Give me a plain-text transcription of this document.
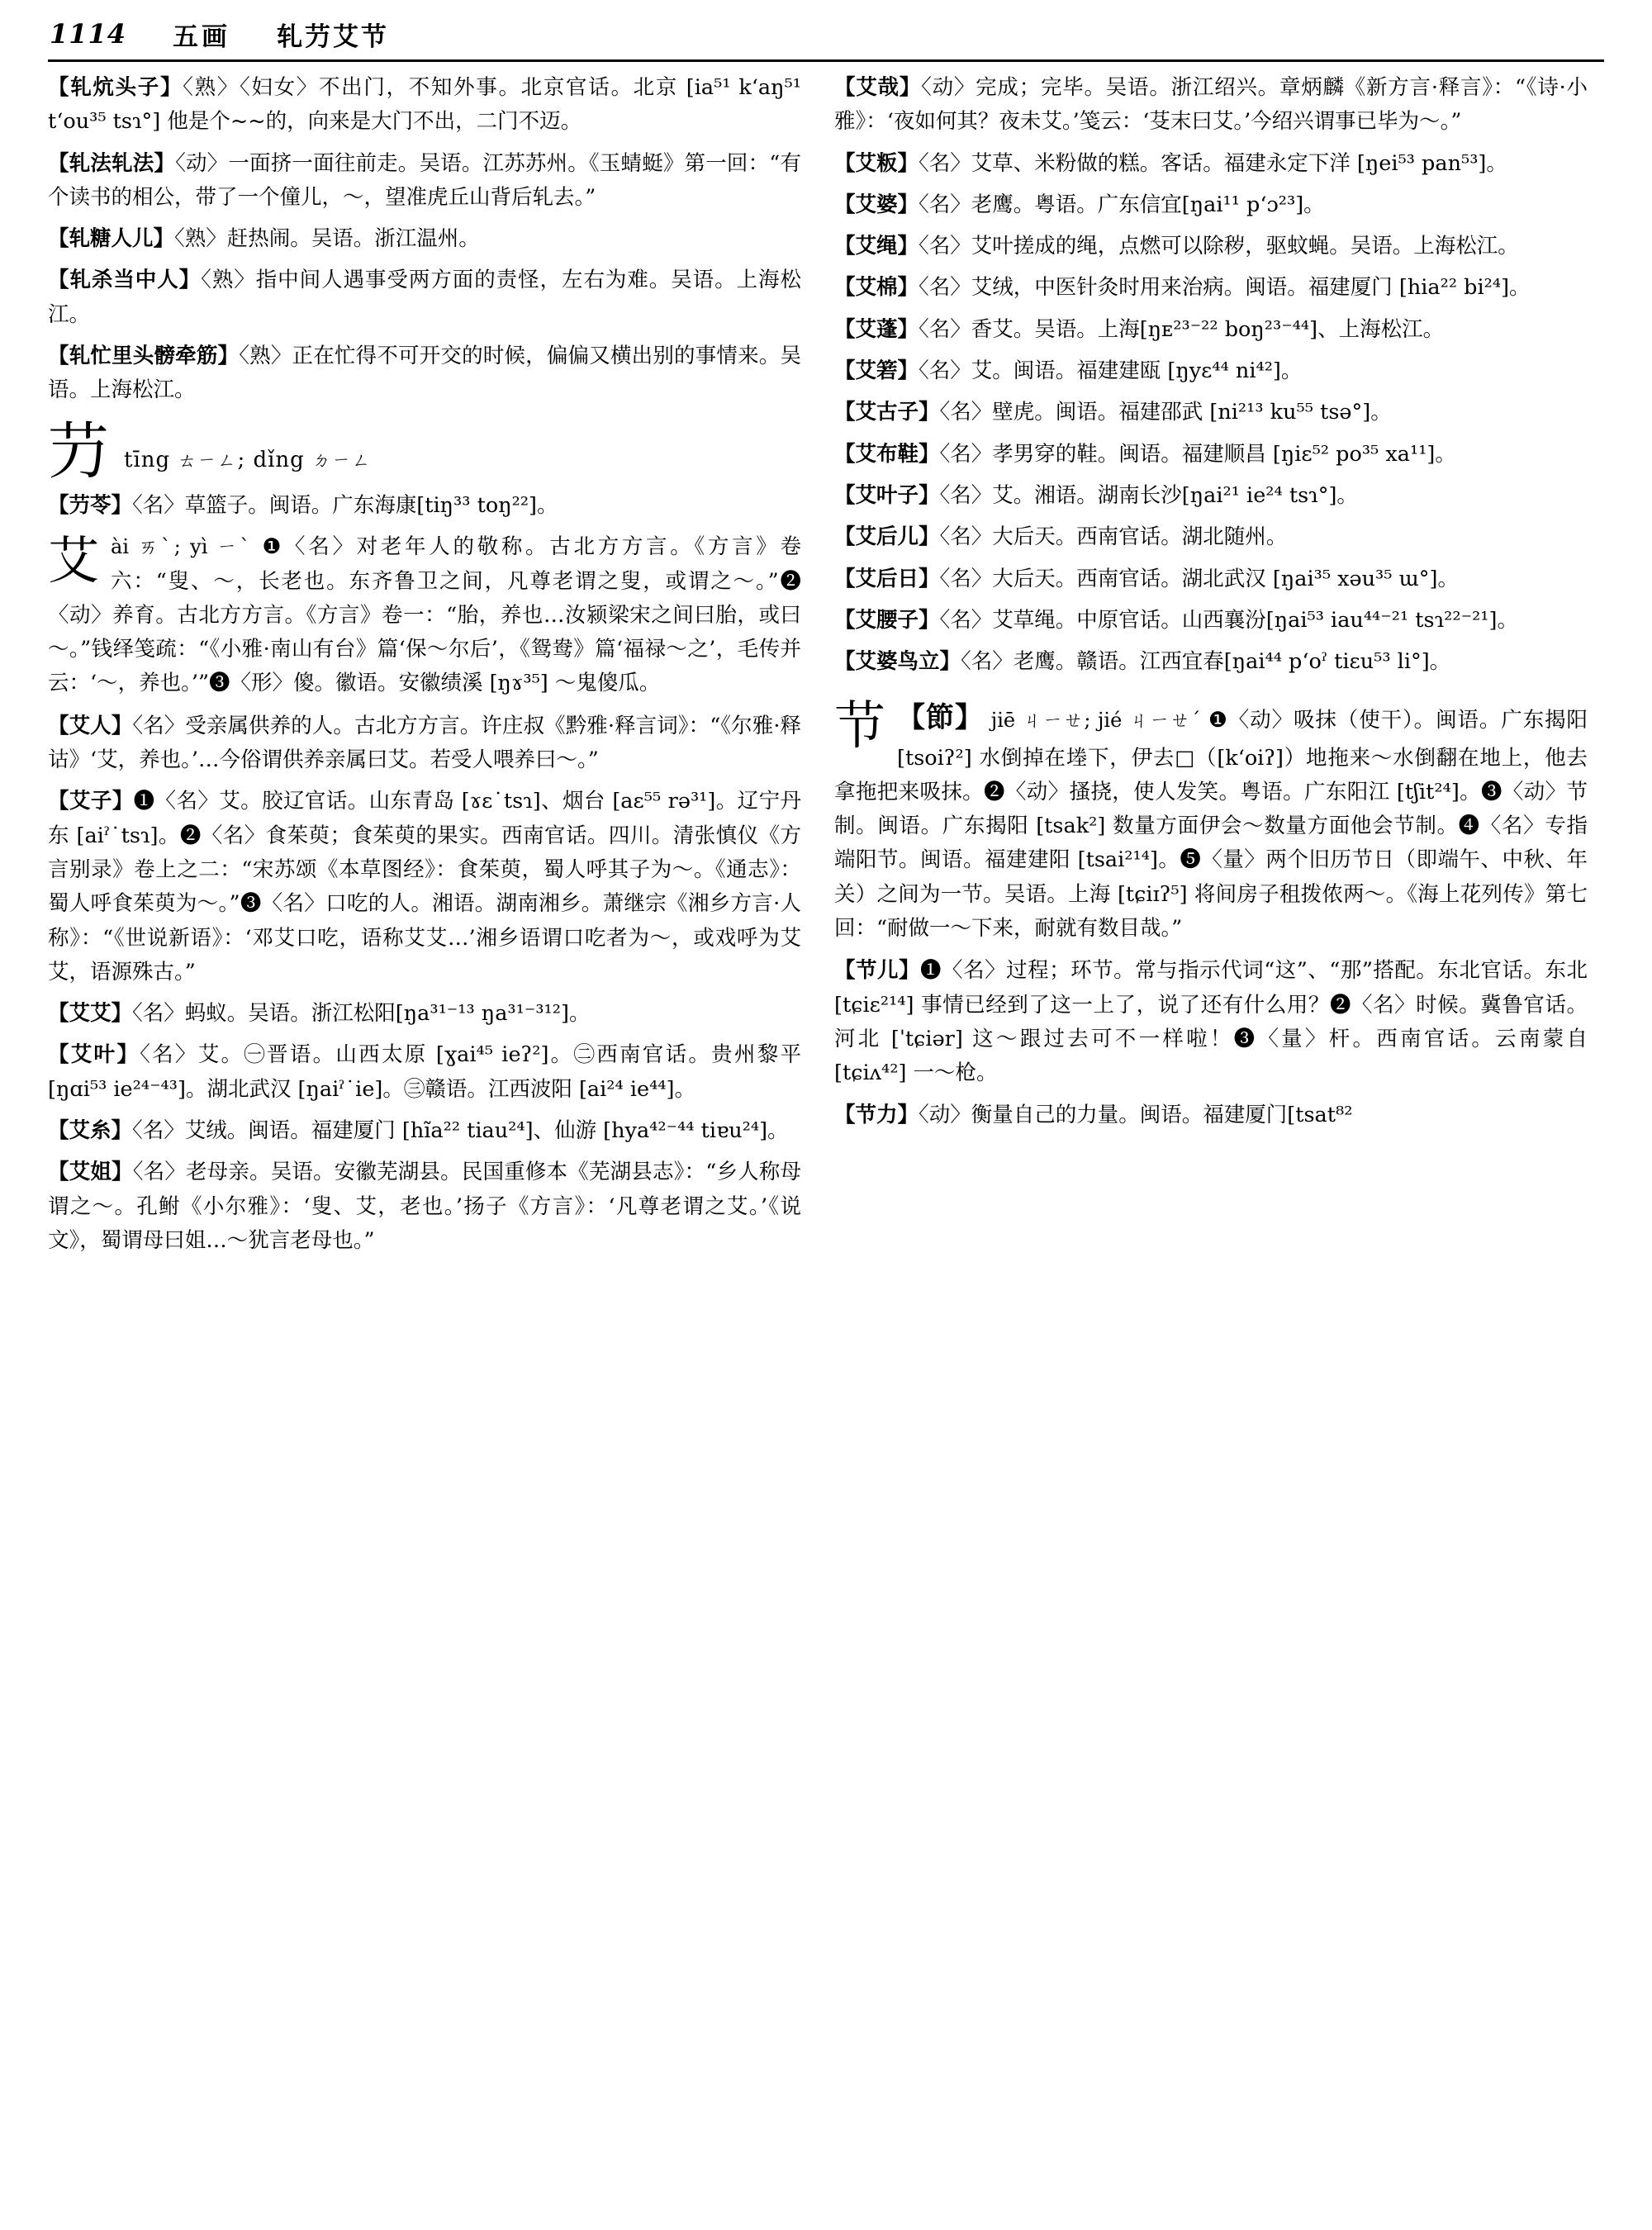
1114 五画 轧芀艾节
【轧炕头子】〈熟〉〈妇女〉不出门，不知外事。北京官话。北京 [ia⁵¹ kʻaŋ⁵¹ tʻou³⁵ tsɿ°] 他是个~~的，向来是大门不出，二门不迈。
【轧法轧法】〈动〉一面挤一面往前走。吴语。江苏苏州。《玉蜻蜓》第一回：“有个读书的相公，带了一个僮儿，～，望准虎丘山背后轧去。”
【轧糖人儿】〈熟〉赶热闹。吴语。浙江温州。
【轧杀当中人】〈熟〉指中间人遇事受两方面的责怪，左右为难。吴语。上海松江。
【轧忙里头髈牵筋】〈熟〉正在忙得不可开交的时候，偏偏又横出别的事情来。吴语。上海松江。
芀 tīng ㄊㄧㄥ; dǐng ㄉㄧㄥ
【芀苓】〈名〉草篮子。闽语。广东海康[tiŋ³³ toŋ²²]。
艾 ài ㄞˋ; yì ㄧˋ ❶〈名〉对老年人的敬称。古北方方言。《方言》卷六：“叟、～，长老也。东齐鲁卫之间，凡尊老谓之叟，或谓之～。”❷〈动〉养育。古北方方言。《方言》卷一：“胎，养也…汝颍梁宋之间曰胎，或曰～。”钱绎笺疏：“《小雅·南山有台》篇‘保～尔后’，《鸳鸯》篇‘福禄～之’，毛传并云：‘～，养也。’”❸〈形〉傻。徽语。安徽绩溪 [ŋɤ³⁵] ～鬼傻瓜。
【艾人】〈名〉受亲属供养的人。古北方方言。许庄叔《黔雅·释言词》：“《尔雅·释诂》‘艾，养也。’…今俗谓供养亲属曰艾。若受人喂养曰～。”
【艾子】❶〈名〉艾。胶辽官话。山东青岛 [ɤɛ˙tsɿ]、烟台 [aɛ⁵⁵ rə³¹]。辽宁丹东 [aiˀ˙tsɿ]。❷〈名〉食茱萸；食茱萸的果实。西南官话。四川。清张慎仪《方言别录》卷上之二：“宋苏颂《本草图经》：食茱萸，蜀人呼其子为～。《通志》：蜀人呼食茱萸为～。”❸〈名〉口吃的人。湘语。湖南湘乡。萧继宗《湘乡方言·人称》：“《世说新语》：‘邓艾口吃，语称艾艾…’湘乡语谓口吃者为～，或戏呼为艾艾，语源殊古。”
【艾艾】〈名〉蚂蚁。吴语。浙江松阳[ŋa³¹⁻¹³ ŋa³¹⁻³¹²]。
【艾叶】〈名〉艾。㊀晋语。山西太原 [ɣai⁴⁵ ieʔ²]。㊁西南官话。贵州黎平[ŋɑi⁵³ ie²⁴⁻⁴³]。湖北武汉 [ŋaiˀ˙ie]。㊂赣语。江西波阳 [ai²⁴ ie⁴⁴]。
【艾糸】〈名〉艾绒。闽语。福建厦门 [hĩa²² tiau²⁴]、仙游 [hya⁴²⁻⁴⁴ tiɐu²⁴]。
【艾姐】〈名〉老母亲。吴语。安徽芜湖县。民国重修本《芜湖县志》：“乡人称母谓之～。孔鲋《小尔雅》：‘叟、艾，老也。’扬子《方言》：‘凡尊老谓之艾。’《说文》，蜀谓母曰姐…～犹言老母也。”
【艾哉】〈动〉完成；完毕。吴语。浙江绍兴。章炳麟《新方言·释言》：“《诗·小雅》：‘夜如何其？夜未艾。’笺云：‘芟末曰艾。’今绍兴谓事已毕为～。”
【艾粄】〈名〉艾草、米粉做的糕。客话。福建永定下洋 [ŋei⁵³ pan⁵³]。
【艾婆】〈名〉老鹰。粤语。广东信宜[ŋai¹¹ pʻɔ²³]。
【艾绳】〈名〉艾叶搓成的绳，点燃可以除秽，驱蚊蝇。吴语。上海松江。
【艾棉】〈名〉艾绒，中医针灸时用来治病。闽语。福建厦门 [hia²² bi²⁴]。
【艾蓬】〈名〉香艾。吴语。上海[ŋᴇ²³⁻²² boŋ²³⁻⁴⁴]、上海松江。
【艾箬】〈名〉艾。闽语。福建建瓯 [ŋyɛ⁴⁴ ni⁴²]。
【艾古子】〈名〉壁虎。闽语。福建邵武 [ni²¹³ ku⁵⁵ tsə°]。
【艾布鞋】〈名〉孝男穿的鞋。闽语。福建顺昌 [ŋiɛ⁵² po³⁵ xa¹¹]。
【艾叶子】〈名〉艾。湘语。湖南长沙[ŋai²¹ ie²⁴ tsɿ°]。
【艾后儿】〈名〉大后天。西南官话。湖北随州。
【艾后日】〈名〉大后天。西南官话。湖北武汉 [ŋai³⁵ xəu³⁵ ɯ°]。
【艾腰子】〈名〉艾草绳。中原官话。山西襄汾[ŋai⁵³ iau⁴⁴⁻²¹ tsɿ²²⁻²¹]。
【艾婆鸟立】〈名〉老鹰。赣语。江西宜春[ŋai⁴⁴ pʻoˀ tiɛu⁵³ li°]。
节 【節】 jiē ㄐㄧㄝ; jié ㄐㄧㄝˊ ❶〈动〉吸抹（使干）。闽语。广东揭阳 [tsoiʔ²] 水倒掉在堘下，伊去□（[kʻoiʔ]）地拖来～水倒翻在地上，他去拿拖把来吸抹。❷〈动〉搔挠，使人发笑。粤语。广东阳江 [tʃit²⁴]。❸〈动〉节制。闽语。广东揭阳 [tsak²] 数量方面伊会～数量方面他会节制。❹〈名〉专指端阳节。闽语。福建建阳 [tsai²¹⁴]。❺〈量〉两个旧历节日（即端午、中秋、年关）之间为一节。吴语。上海 [tɕiɪʔ⁵] 将间房子租拨侬两～。《海上花列传》第七回：“耐做一～下来，耐就有数目哉。”
【节儿】❶〈名〉过程；环节。常与指示代词“这”、“那”搭配。东北官话。东北 [tɕiɛ²¹⁴] 事情已经到了这一上了，说了还有什么用？❷〈名〉时候。冀鲁官话。河北 [ˈtɕiər] 这～跟过去可不一样啦！❸〈量〉杆。西南官话。云南蒙自 [tɕiʌ⁴²] 一～枪。
【节力】〈动〉衡量自己的力量。闽语。福建厦门[tsat⁸²
